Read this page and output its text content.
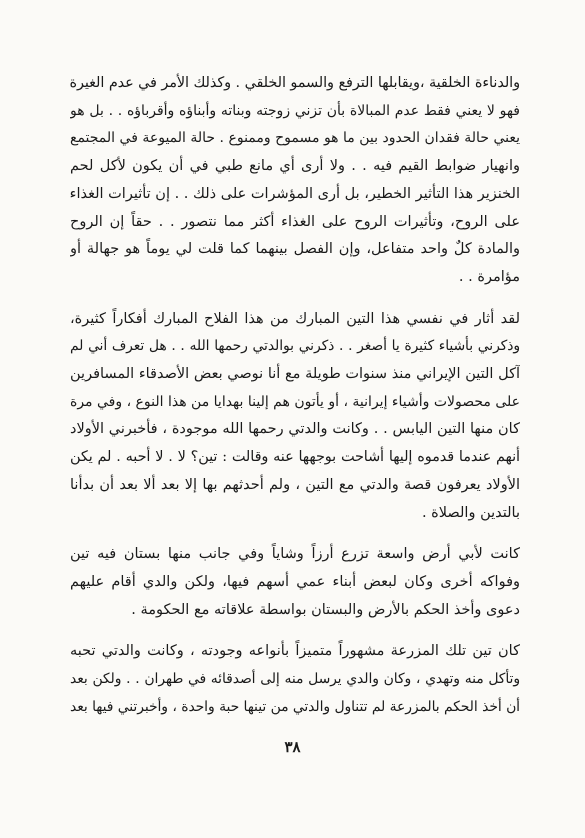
والدناءة الخلقية ،ويقابلها الترفع والسمو الخلقي . وكذلك الأمر في عدم الغيرة
فهو لا يعني فقط عدم المبالاة بأن تزني زوجته وبناته وأبناؤه وأقرباؤه . . بل هو
يعني حالة فقدان الحدود بين ما هو مسموح وممنوع . حالة الميوعة في المجتمع
وانهيار ضوابط القيم فيه . . ولا أرى أي مانع طبي في أن يكون لأكل لحم
الخنزير هذا التأثير الخطير، بل أرى المؤشرات على ذلك . . إن تأثيرات الغذاء
على الروح، وتأثيرات الروح على الغذاء أكثر مما نتصور . . حقاً إن الروح
والمادة كلٌ واحد متفاعل، وإن الفصل بينهما كما قلت لي يوماً هو جهالة أو
مؤامرة . .
لقد أثار في نفسي هذا التين المبارك من هذا الفلاح المبارك أفكاراً كثيرة،
وذكرني بأشياء كثيرة يا أصغر . . ذكرني بوالدتي رحمها الله . . هل تعرف أني لم
آكل التين الإيراني منذ سنوات طويلة مع أنا نوصي بعض الأصدقاء المسافرين
على محصولات وأشياء إيرانية ، أو يأتون هم إلينا بهدايا من هذا النوع ، وفي مرة
كان منها التين اليابس . . وكانت والدتي رحمها الله موجودة ، فأخبرني الأولاد
أنهم عندما قدموه إليها أشاحت بوجهها عنه وقالت : تين؟ لا . لا أحبه . لم يكن
الأولاد يعرفون قصة والدتي مع التين ، ولم أحدثهم بها إلا بعد ألا بعد أن بدأنا
بالتدين والصلاة .
كانت لأبي أرض واسعة تزرع أرزاً وشاياً وفي جانب منها بستان فيه تين
وفواكه أخرى وكان لبعض أبناء عمي أسهم فيها، ولكن والدي أقام عليهم
دعوى وأخذ الحكم بالأرض والبستان بواسطة علاقاته مع الحكومة .
كان تين تلك المزرعة مشهوراً متميزاً بأنواعه وجودته ، وكانت والدتي تحبه
وتأكل منه وتهدي ، وكان والدي يرسل منه إلى أصدقائه في طهران . . ولكن بعد
أن أخذ الحكم بالمزرعة لم تتناول والدتي من تينها حبة واحدة ، وأخبرتني فيها بعد
٣٨
